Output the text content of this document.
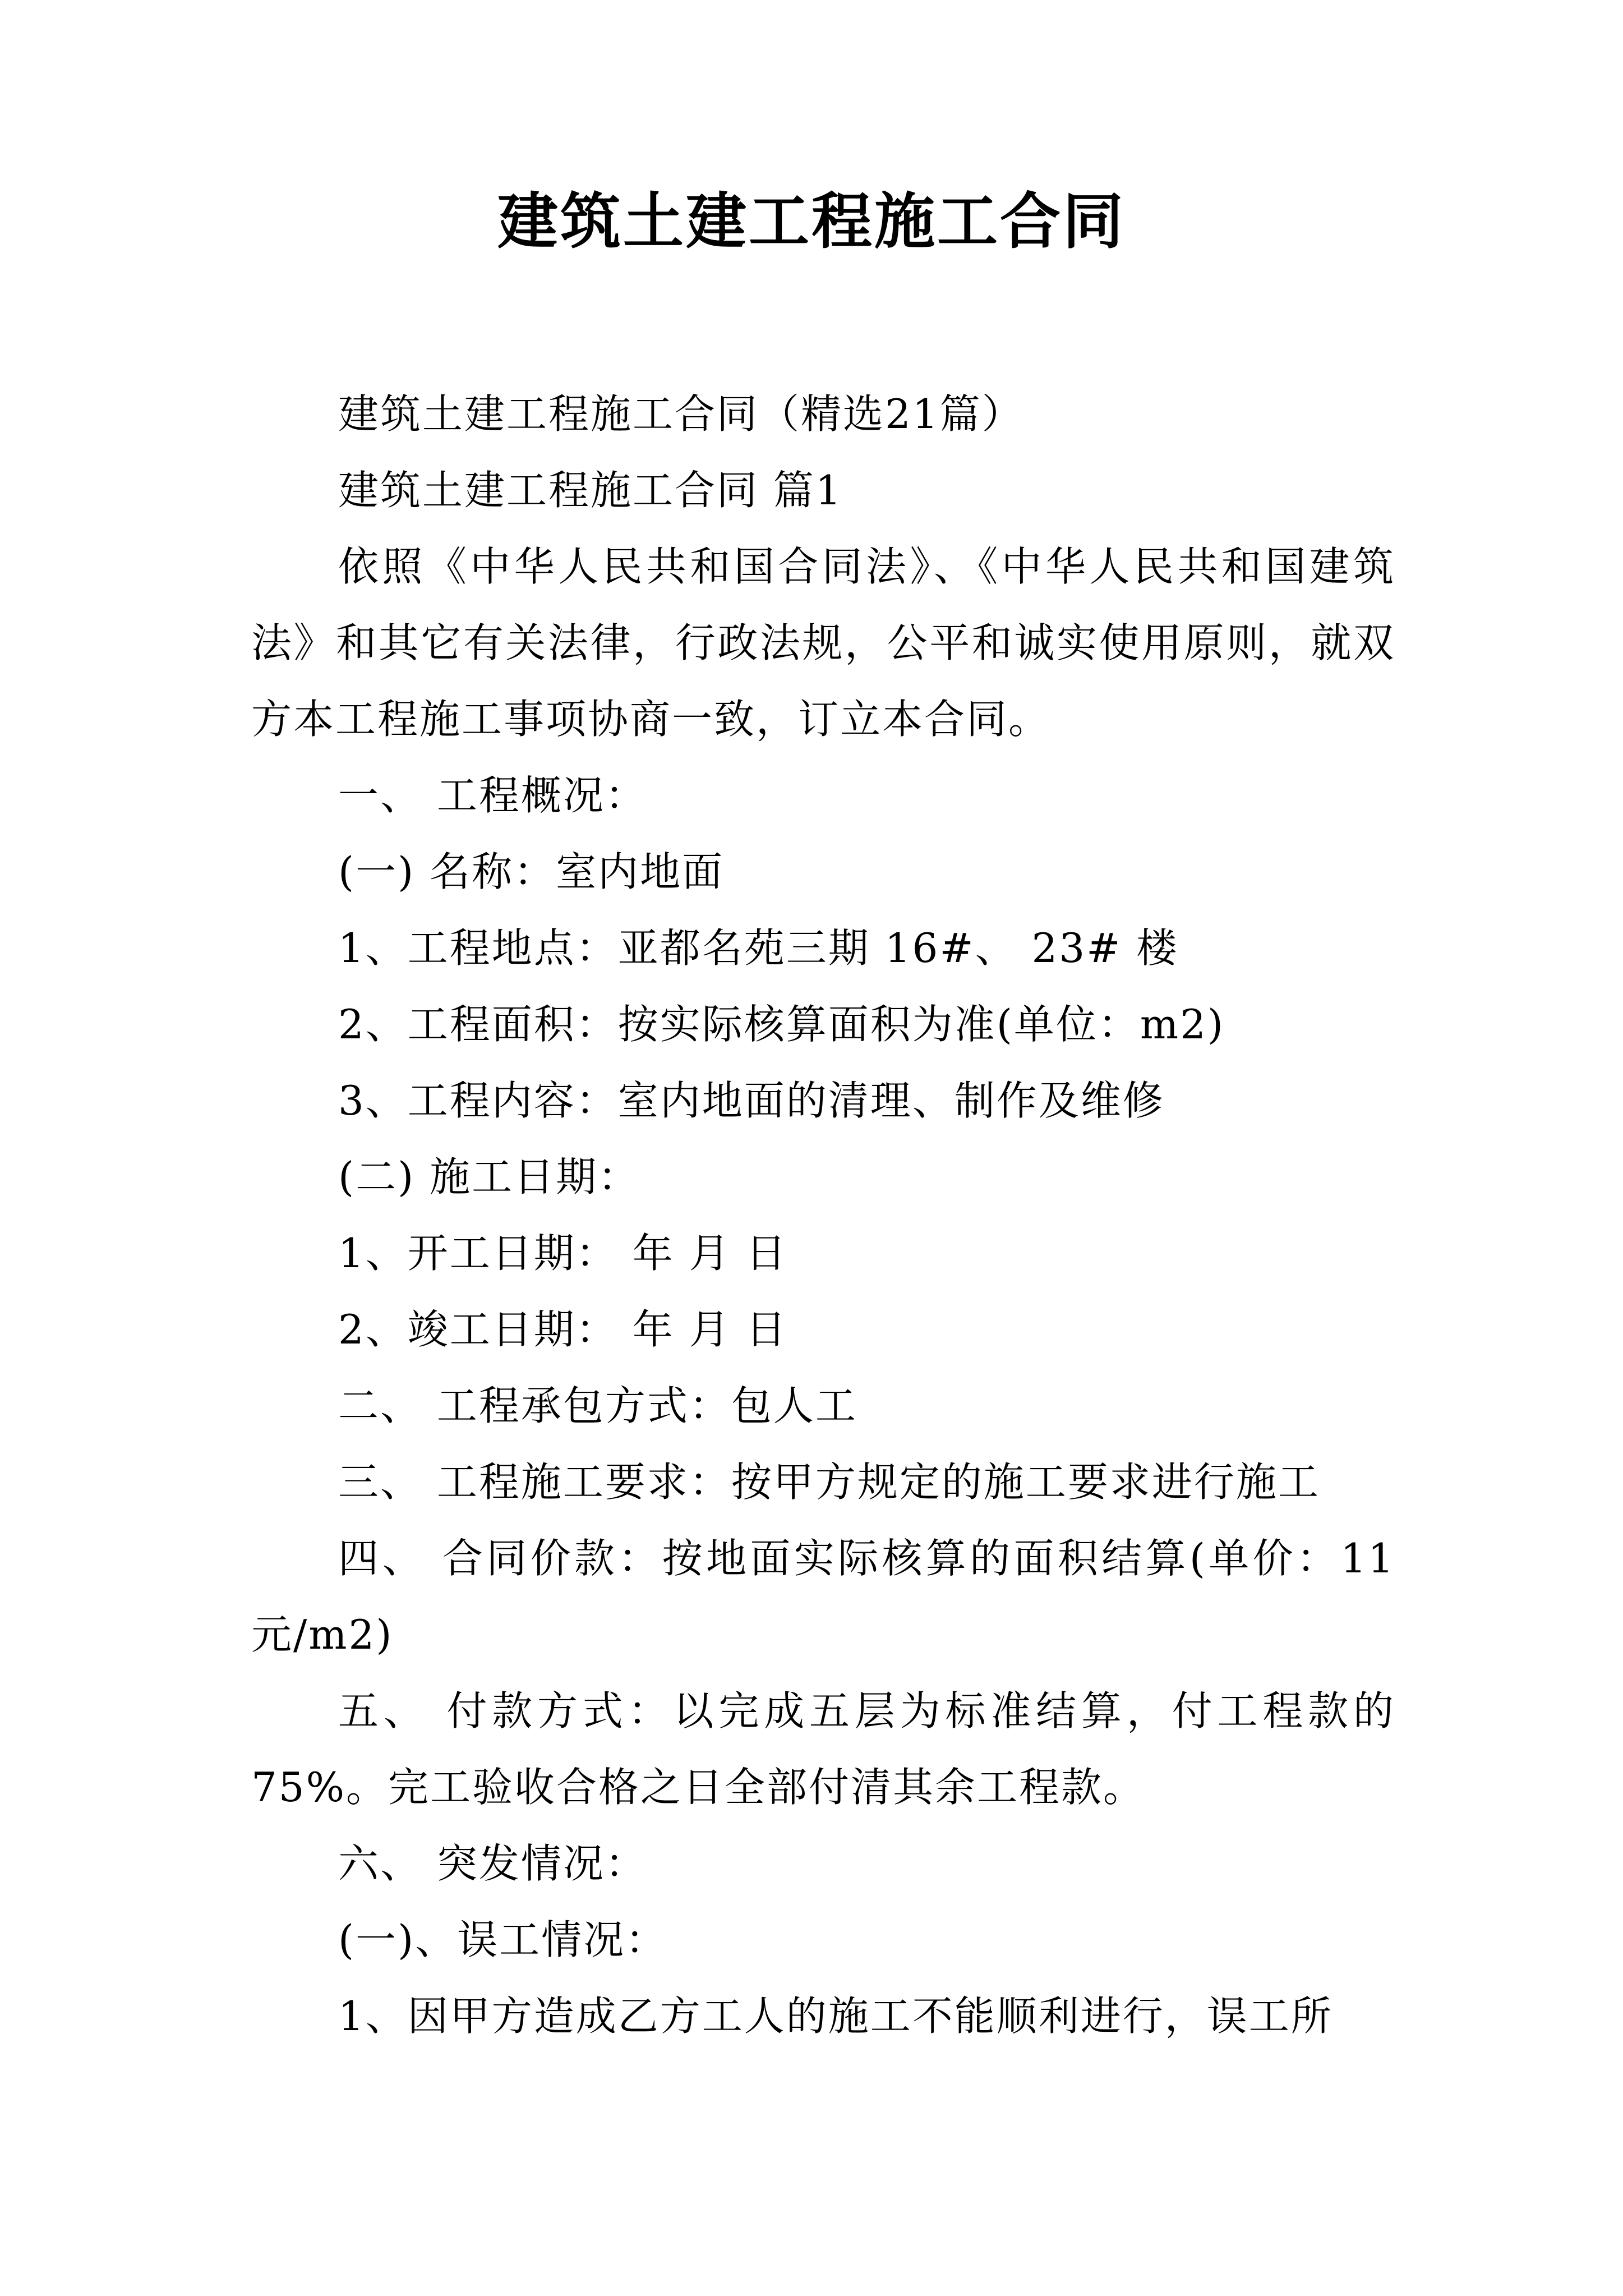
建筑土建工程施工合同

建筑土建工程施工合同（精选21篇）

建筑土建工程施工合同 篇1

依照《中华人民共和国合同法》、《中华人民共和国建筑法》和其它有关法律，行政法规，公平和诚实使用原则，就双方本工程施工事项协商一致，订立本合同。

一、 工程概况：

(一) 名称：室内地面

1、工程地点：亚都名苑三期 16#、 23# 楼

2、工程面积：按实际核算面积为准(单位：m2)

3、工程内容：室内地面的清理、制作及维修

(二) 施工日期：

1、开工日期： 年 月 日

2、竣工日期： 年 月 日

二、 工程承包方式：包人工

三、 工程施工要求：按甲方规定的施工要求进行施工

四、 合同价款：按地面实际核算的面积结算(单价：11元/m2)

五、 付款方式：以完成五层为标准结算，付工程款的75%。完工验收合格之日全部付清其余工程款。

六、 突发情况：

(一)、误工情况：

1、因甲方造成乙方工人的施工不能顺利进行，误工所
